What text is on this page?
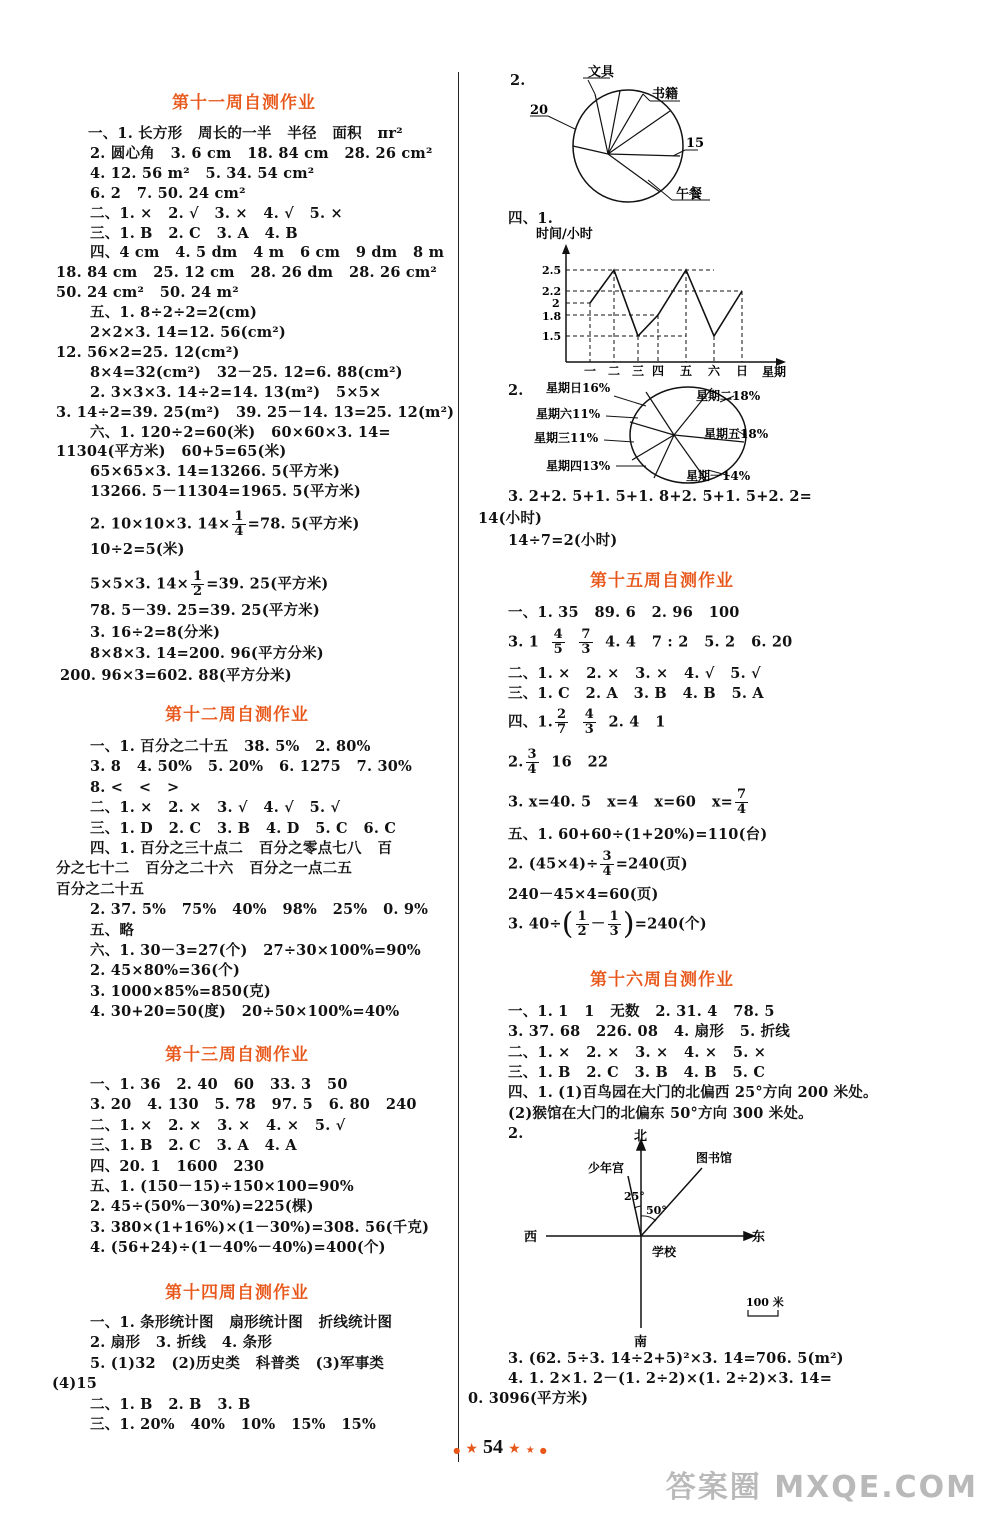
第十一周自测作业
一、1. 长方形   周长的一半   半径   面积   πr²
2. 圆心角   3. 6 cm   18. 84 cm   28. 26 cm²
4. 12. 56 m²   5. 34. 54 cm²
6. 2   7. 50. 24 cm²
二、1. ×   2. √   3. ×   4. √   5. ×
三、1. B   2. C   3. A   4. B
四、4 cm   4. 5 dm   4 m   6 cm   9 dm   8 m
18. 84 cm   25. 12 cm   28. 26 dm   28. 26 cm²
50. 24 cm²   50. 24 m²
五、1. 8÷2÷2=2(cm)
2×2×3. 14=12. 56(cm²)
12. 56×2=25. 12(cm²)
8×4=32(cm²)   32－25. 12=6. 88(cm²)
2. 3×3×3. 14÷2=14. 13(m²)   5×5×
3. 14÷2=39. 25(m²)   39. 25－14. 13=25. 12(m²)
六、1. 120÷2=60(米)   60×60×3. 14=
11304(平方米)   60+5=65(米)
65×65×3. 14=13266. 5(平方米)
13266. 5－11304=1965. 5(平方米)
2. 10×10×3. $14\times \frac{1}{4} =78$. 5(平方米)
10÷2=5(米)
5×5×3. $14\times \frac{1}{2} =39$. 25(平方米)
78. 5－39. 25=39. 25(平方米)
3. 16÷2=8(分米)
8×8×3. 14=200. 96(平方分米)
200. 96×3=602. 88(平方分米)
第十二周自测作业
一、1. 百分之二十五   38. 5%   2. 80%
3. 8   4. 50%   5. 20%   6. 1275   7. 30%
8. <   <   >
二、1. ×   2. ×   3. √   4. √   5. √
三、1. D   2. C   3. B   4. D   5. C   6. C
四、1. 百分之三十点二   百分之零点七八   百
分之七十二   百分之二十六   百分之一点二五
百分之二十五
2. 37. 5%   75%   40%   98%   25%   0. 9%
五、略
六、1. 30－3=27(个)   27÷30×100%=90%
2. 45×80%=36(个)
3. 1000×85%=850(克)
4. 30+20=50(度)   20÷50×100%=40%
第十三周自测作业
一、1. 36   2. 40   60   33. 3   50
3. 20   4. 130   5. 78   97. 5   6. 80   240
二、1. ×   2. ×   3. ×   4. ×   5. √
三、1. B   2. C   3. A   4. A
四、20. 1   1600   230
五、1. (150－15)÷150×100=90%
2. 45÷(50%－30%)=225(棵)
3. 380×(1+16%)×(1－30%)=308. 56(千克)
4. (56+24)÷(1－40%－40%)=400(个)
第十四周自测作业
一、1. 条形统计图   扇形统计图   折线统计图
2. 扇形   3. 折线   4. 条形
5. (1)32   (2)历史类   科普类   (3)军事类
(4)15
二、1. B   2. B   3. B
三、1. 20%   40%   10%   15%   15%
2.	文具
书籍
20
15
午餐
四、1.
时间/小时
星期
2.5
2.2
2
1.8
1.5
一 二 三 四 五 六 日
2. 星期日16%
星期六11%
星期三11%
星期四13%
星期二18%
星期五18%
星期一14%
3. 2+2. 5+1. 5+1. 8+2. 5+1. 5+2. 2=
14(小时)
14÷7=2(小时)
第十五周自测作业
一、1. 35   89. 6   2. 96   100
3. $1 \frac{4}{5}$
$\frac{7}{3} 4$. 4   7 : 2   5. 2   6. 20
二、1. ×   2. ×   3. ×   4. √   5. √
三、1. C   2. A   3. B   4. B   5. A
四、1. $\frac{2}{7}$
$\frac{4}{3} 2$. 4   1
2. $\frac{3}{4} 16$   22
3. x=40. 5   x=4   x=60   $x= \frac{7}{4}$
五、1. 60+60÷(1+20%)=110(台)
2. $(45\times 4)\div \frac{3}{4} =240$(页)
240－45×4=60(页)
3. $40\div( \frac{1}{2} - \frac{1}{3} )=240$(个)
第十六周自测作业
一、1. 1   1   无数   2. 31. 4   78. 5
3. 37. 68   226. 08   4. 扇形   5. 折线
二、1. ×   2. ×   3. ×   4. ×   5. ×
三、1. B   2. C   3. B   4. B   5. C
四、1. (1)百鸟园在大门的北偏西 25°方向 200 米处。
(2)猴馆在大门的北偏东 50°方向 300 米处。
2.	北
南
西	东
学校
少年宫
图书馆
25°
50°
100 米
3. (62. 5÷3. 14÷2+5)²×3. 14=706. 5(m²)
4. 1. 2×1. 2－(1. 2÷2)×(1. 2÷2)×3. 14=
0. 3096(平方米)
● ★ 54 ★ ★ ●
答案圈 MXQE.COM
